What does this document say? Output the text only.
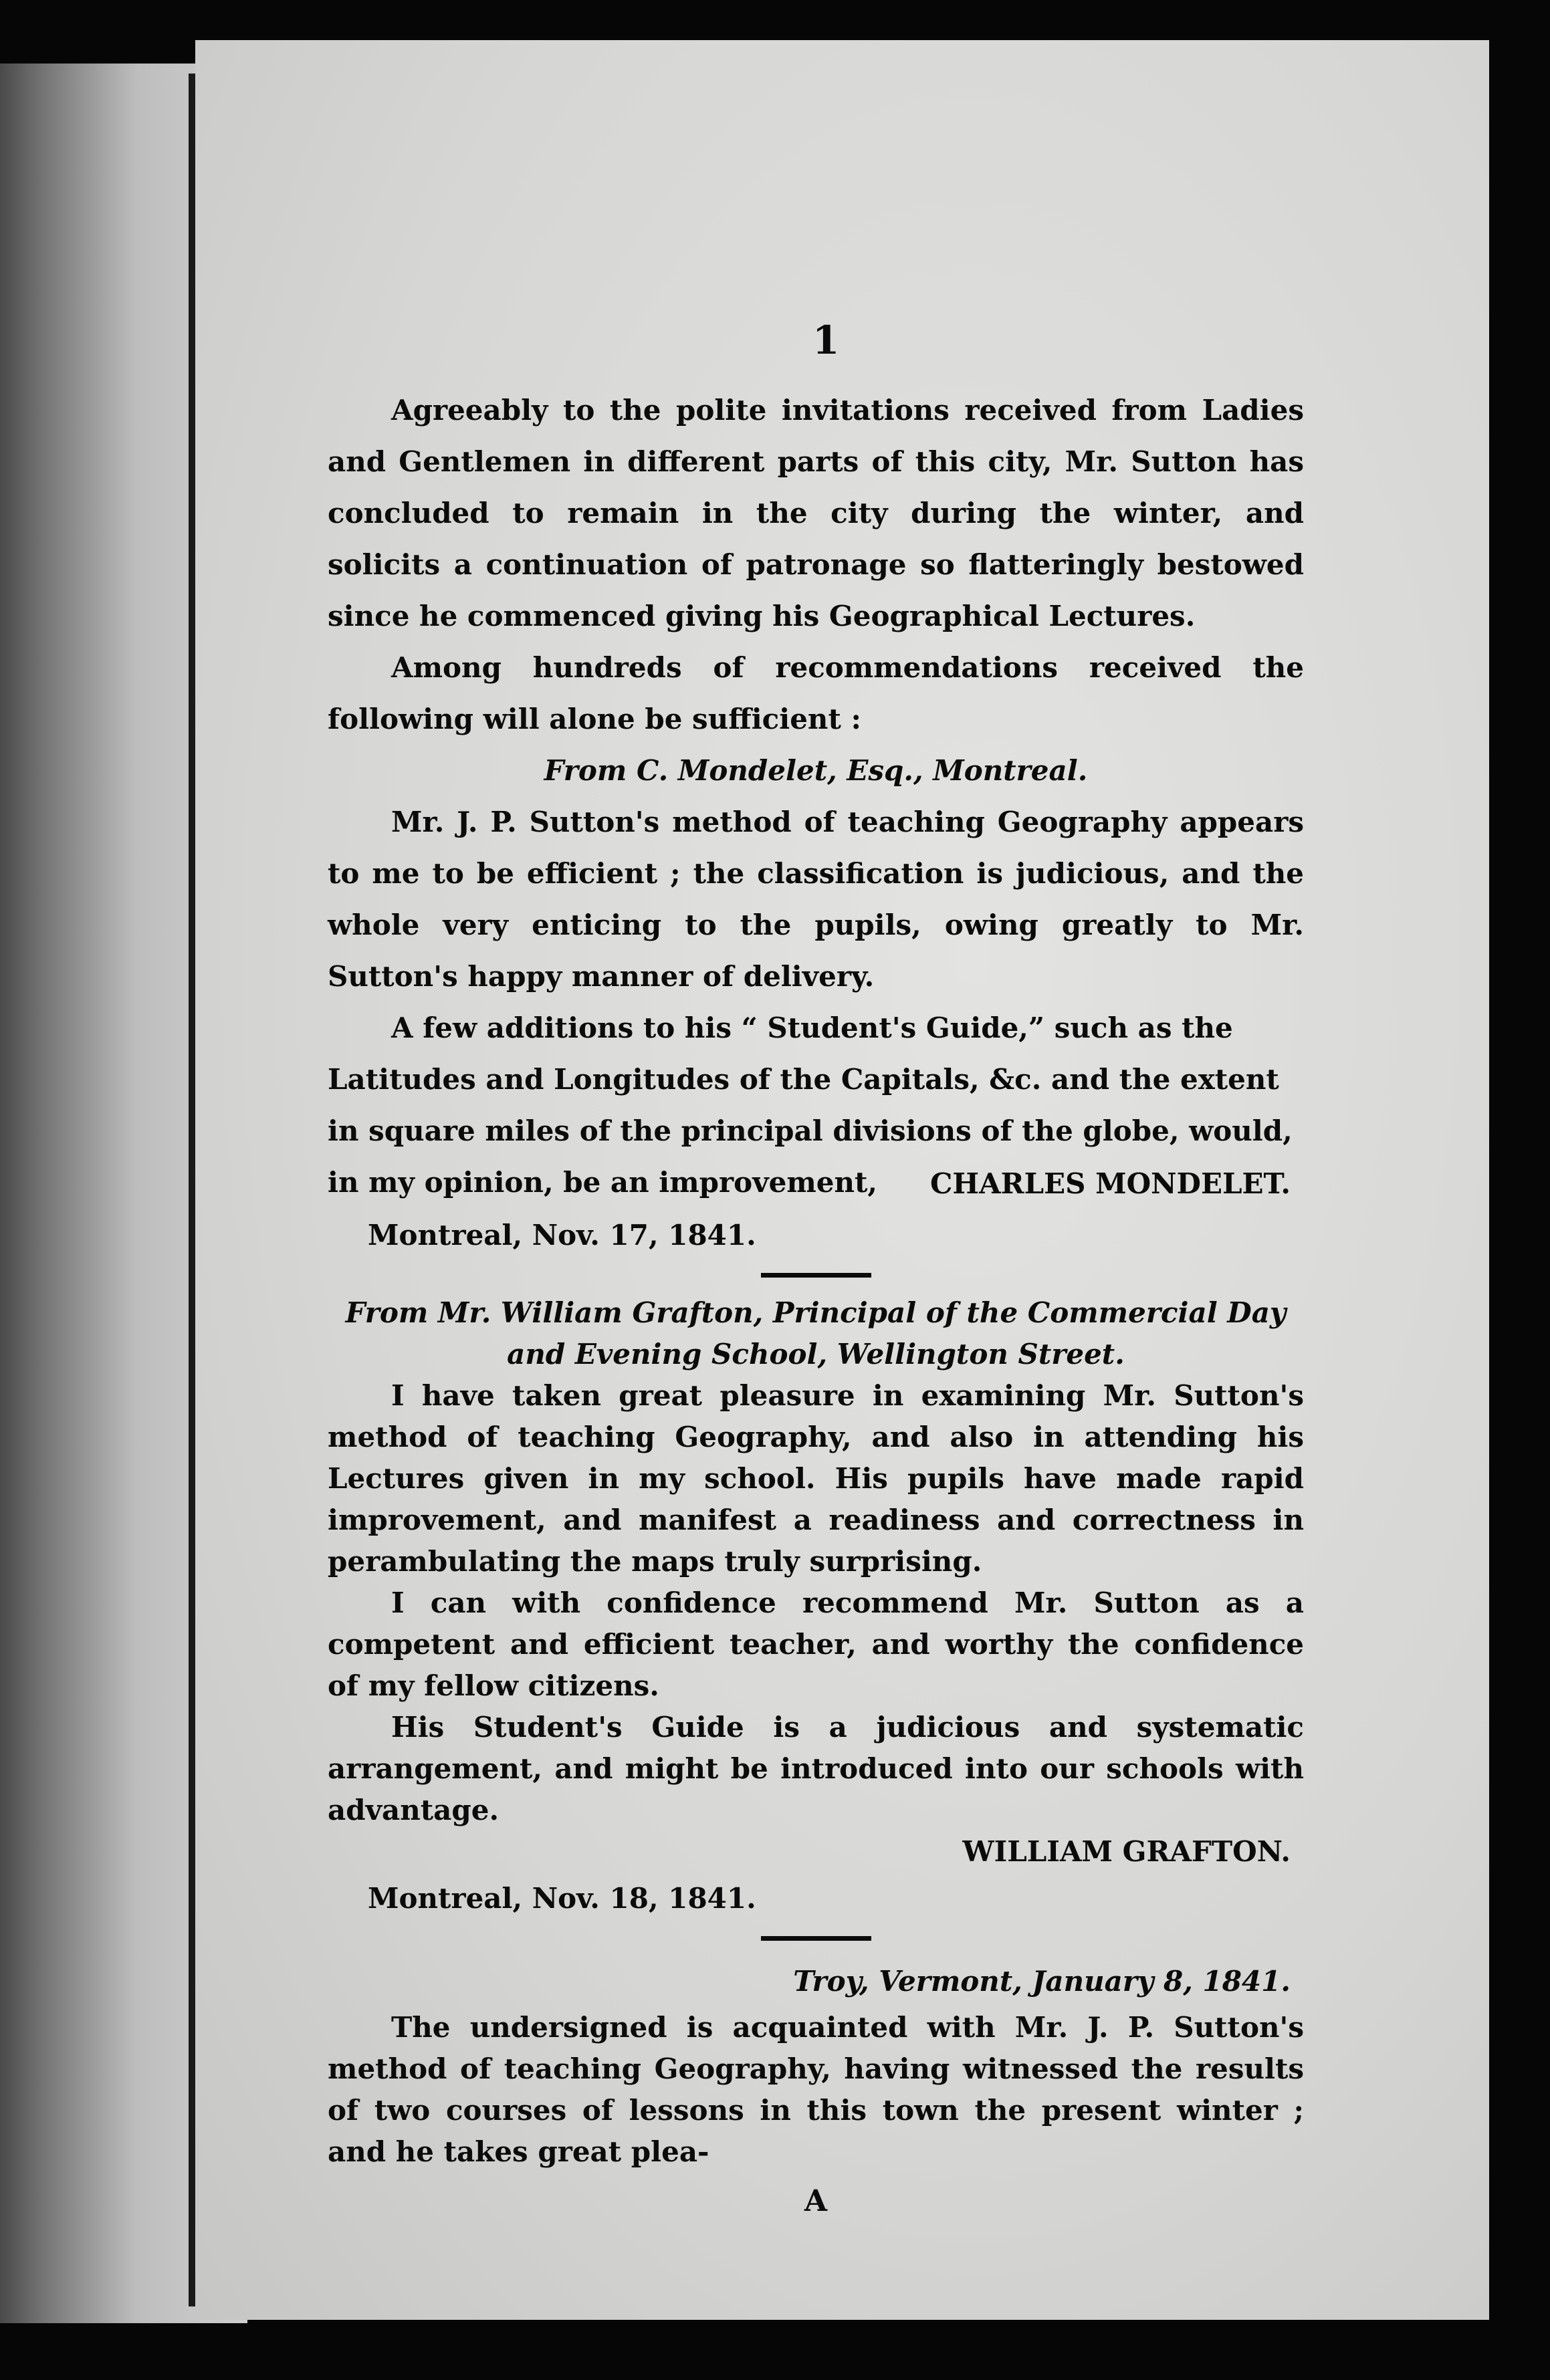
1

Agreeably to the polite invitations received from Ladies and Gentlemen in different parts of this city, Mr. Sutton has concluded to remain in the city during the winter, and solicits a continuation of patronage so flatteringly bestowed since he commenced giving his Geographical Lectures.

Among hundreds of recommendations received the following will alone be sufficient :

From C. Mondelet, Esq., Montreal.

Mr. J. P. Sutton's method of teaching Geography appears to me to be efficient ; the classification is judicious, and the whole very enticing to the pupils, owing greatly to Mr. Sutton's happy manner of delivery.

A few additions to his “ Student's Guide,” such as the Latitudes and Longitudes of the Capitals, &c. and the extent in square miles of the principal divisions of the globe, would, in my opinion, be an improvement,	CHARLES MONDELET.

Montreal, Nov. 17, 1841.

From Mr. William Grafton, Principal of the Commercial Day

and Evening School, Wellington Street.

I have taken great pleasure in examining Mr. Sutton's method of teaching Geography, and also in attending his Lectures given in my school. His pupils have made rapid improvement, and manifest a readiness and correctness in perambulating the maps truly surprising.

I can with confidence recommend Mr. Sutton as a competent and efficient teacher, and worthy the confidence of my fellow citizens.

His Student's Guide is a judicious and systematic arrangement, and might be introduced into our schools with advantage.

WILLIAM GRAFTON.

Montreal, Nov. 18, 1841.

Troy, Vermont, January 8, 1841.

The undersigned is acquainted with Mr. J. P. Sutton's method of teaching Geography, having witnessed the results of two courses of lessons in this town the present winter ; and he takes great plea-

A
